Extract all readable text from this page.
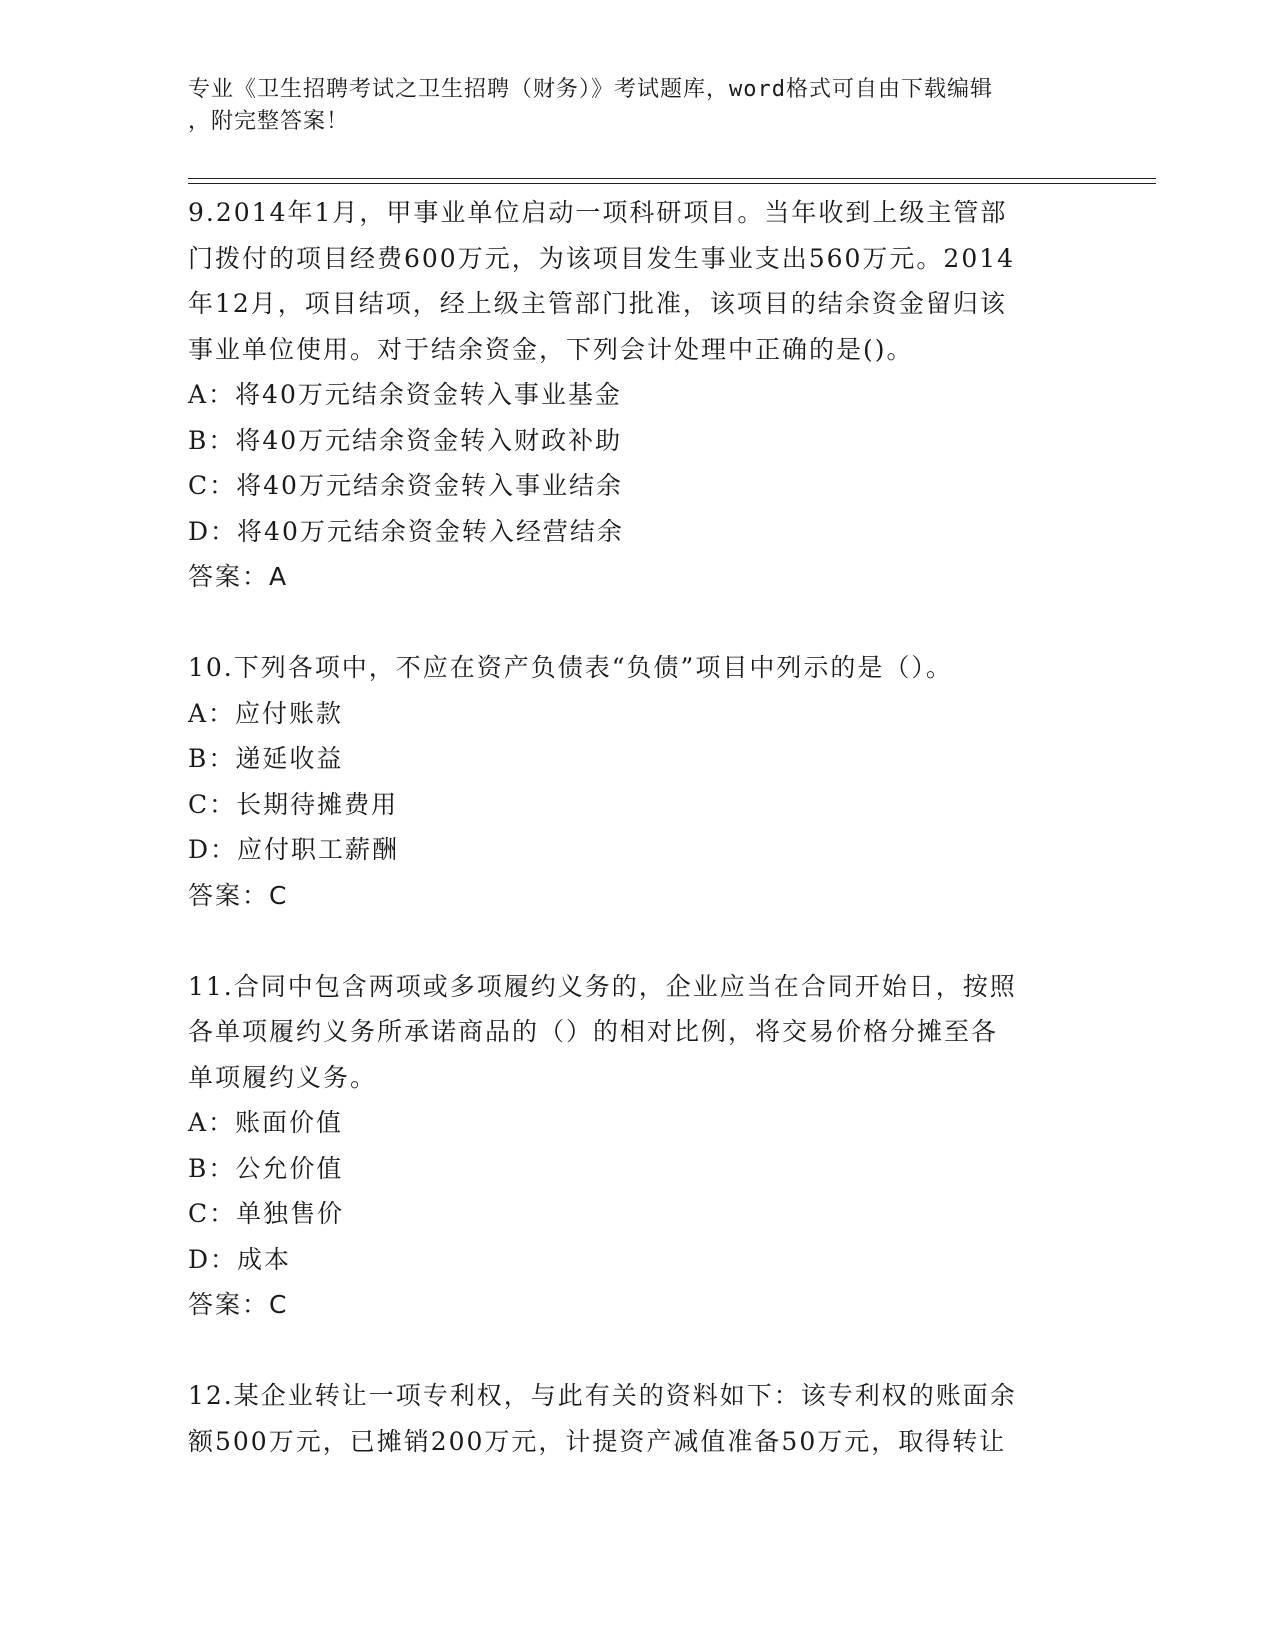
专业《卫生招聘考试之卫生招聘（财务）》考试题库，word格式可自由下载编辑
，附完整答案！
9.2014年1月，甲事业单位启动一项科研项目。当年收到上级主管部
门拨付的项目经费600万元，为该项目发生事业支出560万元。2014
年12月，项目结项，经上级主管部门批准，该项目的结余资金留归该
事业单位使用。对于结余资金，下列会计处理中正确的是()。
A：将40万元结余资金转入事业基金
B：将40万元结余资金转入财政补助
C：将40万元结余资金转入事业结余
D：将40万元结余资金转入经营结余
答案：A
10.下列各项中，不应在资产负债表“负债”项目中列示的是（）。
A：应付账款
B：递延收益
C：长期待摊费用
D：应付职工薪酬
答案：C
11.合同中包含两项或多项履约义务的，企业应当在合同开始日，按照
各单项履约义务所承诺商品的（）的相对比例，将交易价格分摊至各
单项履约义务。
A：账面价值
B：公允价值
C：单独售价
D：成本
答案：C
12.某企业转让一项专利权，与此有关的资料如下：该专利权的账面余
额500万元，已摊销200万元，计提资产减值准备50万元，取得转让
